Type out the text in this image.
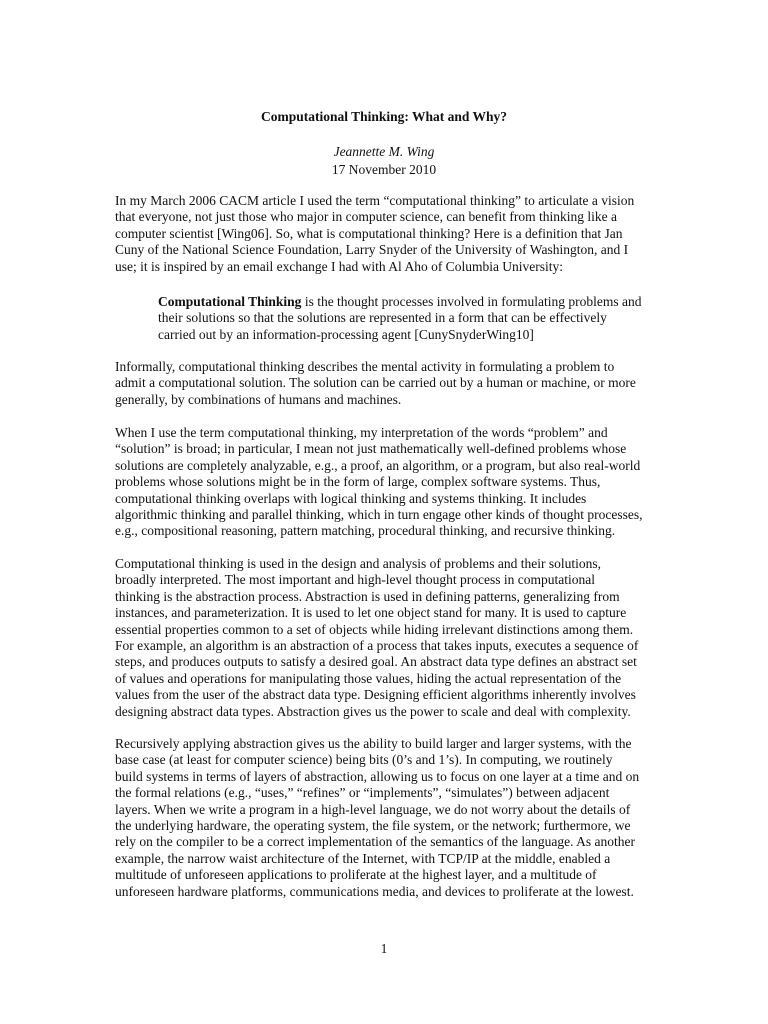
Computational Thinking: What and Why?
Jeannette M. Wing
17 November 2010

In my March 2006 CACM article I used the term “computational thinking” to articulate a vision
that everyone, not just those who major in computer science, can benefit from thinking like a
computer scientist [Wing06]. So, what is computational thinking? Here is a definition that Jan
Cuny of the National Science Foundation, Larry Snyder of the University of Washington, and I
use; it is inspired by an email exchange I had with Al Aho of Columbia University:

Computational Thinking is the thought processes involved in formulating problems and
their solutions so that the solutions are represented in a form that can be effectively
carried out by an information-processing agent [CunySnyderWing10]

Informally, computational thinking describes the mental activity in formulating a problem to
admit a computational solution. The solution can be carried out by a human or machine, or more
generally, by combinations of humans and machines.

When I use the term computational thinking, my interpretation of the words “problem” and
“solution” is broad; in particular, I mean not just mathematically well-defined problems whose
solutions are completely analyzable, e.g., a proof, an algorithm, or a program, but also real-world
problems whose solutions might be in the form of large, complex software systems. Thus,
computational thinking overlaps with logical thinking and systems thinking. It includes
algorithmic thinking and parallel thinking, which in turn engage other kinds of thought processes,
e.g., compositional reasoning, pattern matching, procedural thinking, and recursive thinking.

Computational thinking is used in the design and analysis of problems and their solutions,
broadly interpreted. The most important and high-level thought process in computational
thinking is the abstraction process. Abstraction is used in defining patterns, generalizing from
instances, and parameterization. It is used to let one object stand for many. It is used to capture
essential properties common to a set of objects while hiding irrelevant distinctions among them.
For example, an algorithm is an abstraction of a process that takes inputs, executes a sequence of
steps, and produces outputs to satisfy a desired goal. An abstract data type defines an abstract set
of values and operations for manipulating those values, hiding the actual representation of the
values from the user of the abstract data type. Designing efficient algorithms inherently involves
designing abstract data types. Abstraction gives us the power to scale and deal with complexity.

Recursively applying abstraction gives us the ability to build larger and larger systems, with the
base case (at least for computer science) being bits (0’s and 1’s). In computing, we routinely
build systems in terms of layers of abstraction, allowing us to focus on one layer at a time and on
the formal relations (e.g., “uses,” “refines” or “implements”, “simulates”) between adjacent
layers. When we write a program in a high-level language, we do not worry about the details of
the underlying hardware, the operating system, the file system, or the network; furthermore, we
rely on the compiler to be a correct implementation of the semantics of the language. As another
example, the narrow waist architecture of the Internet, with TCP/IP at the middle, enabled a
multitude of unforeseen applications to proliferate at the highest layer, and a multitude of
unforeseen hardware platforms, communications media, and devices to proliferate at the lowest.

1
